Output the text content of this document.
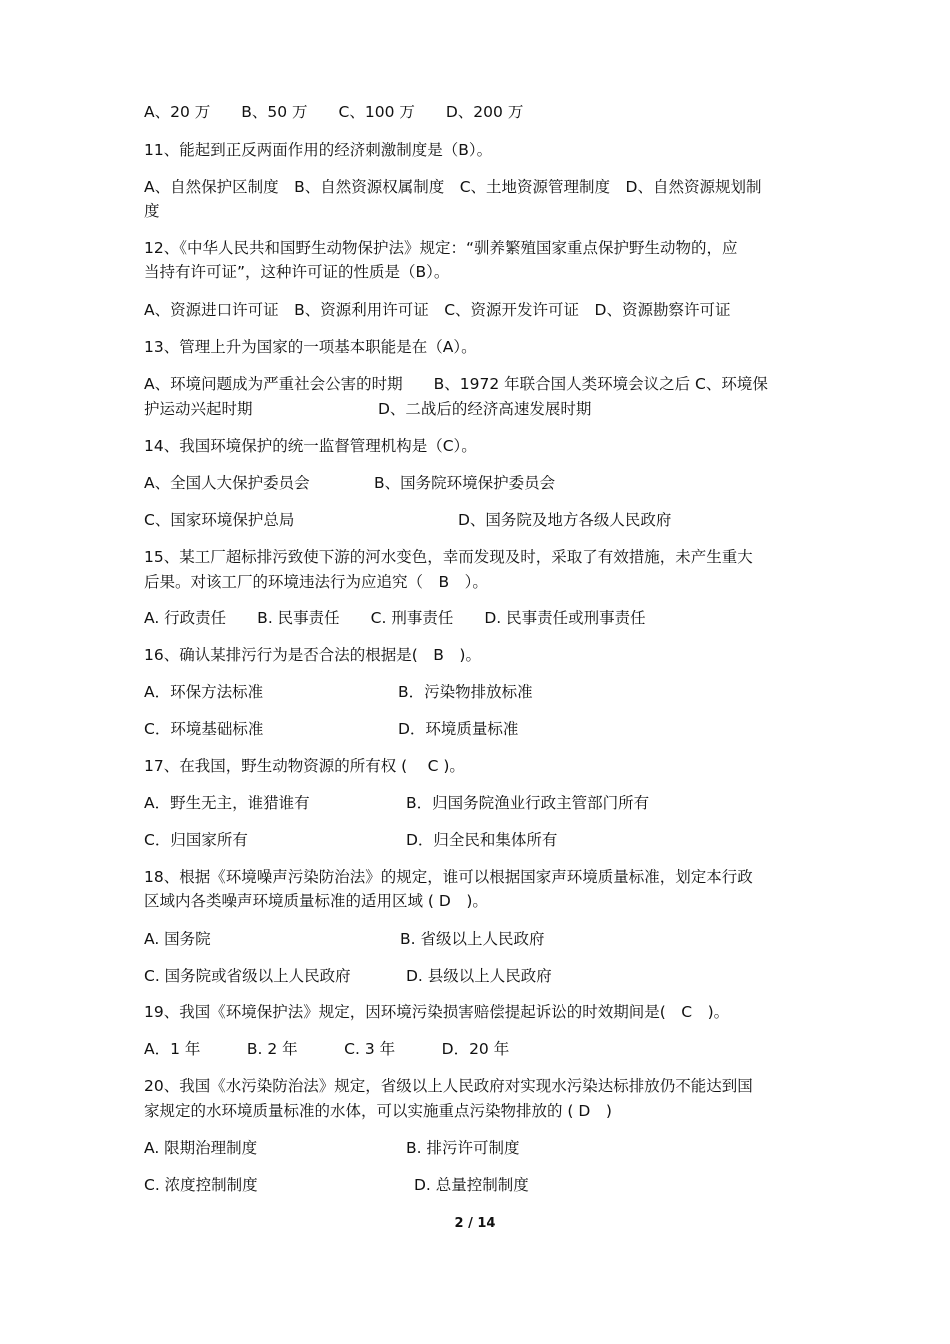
A、20 万　　B、50 万　　C、100 万　　D、200 万
11、能起到正反两面作用的经济刺激制度是（B）。
A、自然保护区制度　B、自然资源权属制度　C、土地资源管理制度　D、自然资源规划制
度
12、《中华人民共和国野生动物保护法》规定：“驯养繁殖国家重点保护野生动物的，应
当持有许可证”，这种许可证的性质是（B）。
A、资源进口许可证　B、资源利用许可证　C、资源开发许可证　D、资源勘察许可证
13、管理上升为国家的一项基本职能是在（A）。
A、环境问题成为严重社会公害的时期　　B、1972 年联合国人类环境会议之后 C、环境保
护运动兴起时期	D、二战后的经济高速发展时期
14、我国环境保护的统一监督管理机构是（C）。
A、全国人大保护委员会	B、国务院环境保护委员会
C、国家环境保护总局	D、国务院及地方各级人民政府
15、某工厂超标排污致使下游的河水变色，幸而发现及时，采取了有效措施，未产生重大
后果。对该工厂的环境违法行为应追究（　B　）。
A. 行政责任　　B. 民事责任　　C. 刑事责任　　D. 民事责任或刑事责任
16、确认某排污行为是否合法的根据是(　B　)。
A．环保方法标准	B．污染物排放标准
C．环境基础标准	D．环境质量标准
17、在我国，野生动物资源的所有权 (　 C )。
A．野生无主，谁猎谁有	B．归国务院渔业行政主管部门所有
C．归国家所有	D．归全民和集体所有
18、根据《环境噪声污染防治法》的规定，谁可以根据国家声环境质量标准，划定本行政
区域内各类噪声环境质量标准的适用区域 ( D　)。
A. 国务院	B. 省级以上人民政府
C. 国务院或省级以上人民政府	D. 县级以上人民政府
19、我国《环境保护法》规定，因环境污染损害赔偿提起诉讼的时效期间是(　C　)。
A．1 年　　　B. 2 年　　　C. 3 年　　　D．20 年
20、我国《水污染防治法》规定，省级以上人民政府对实现水污染达标排放仍不能达到国
家规定的水环境质量标准的水体，可以实施重点污染物排放的 ( D　)
A. 限期治理制度	B. 排污许可制度
C. 浓度控制制度	D. 总量控制制度
2 / 14
